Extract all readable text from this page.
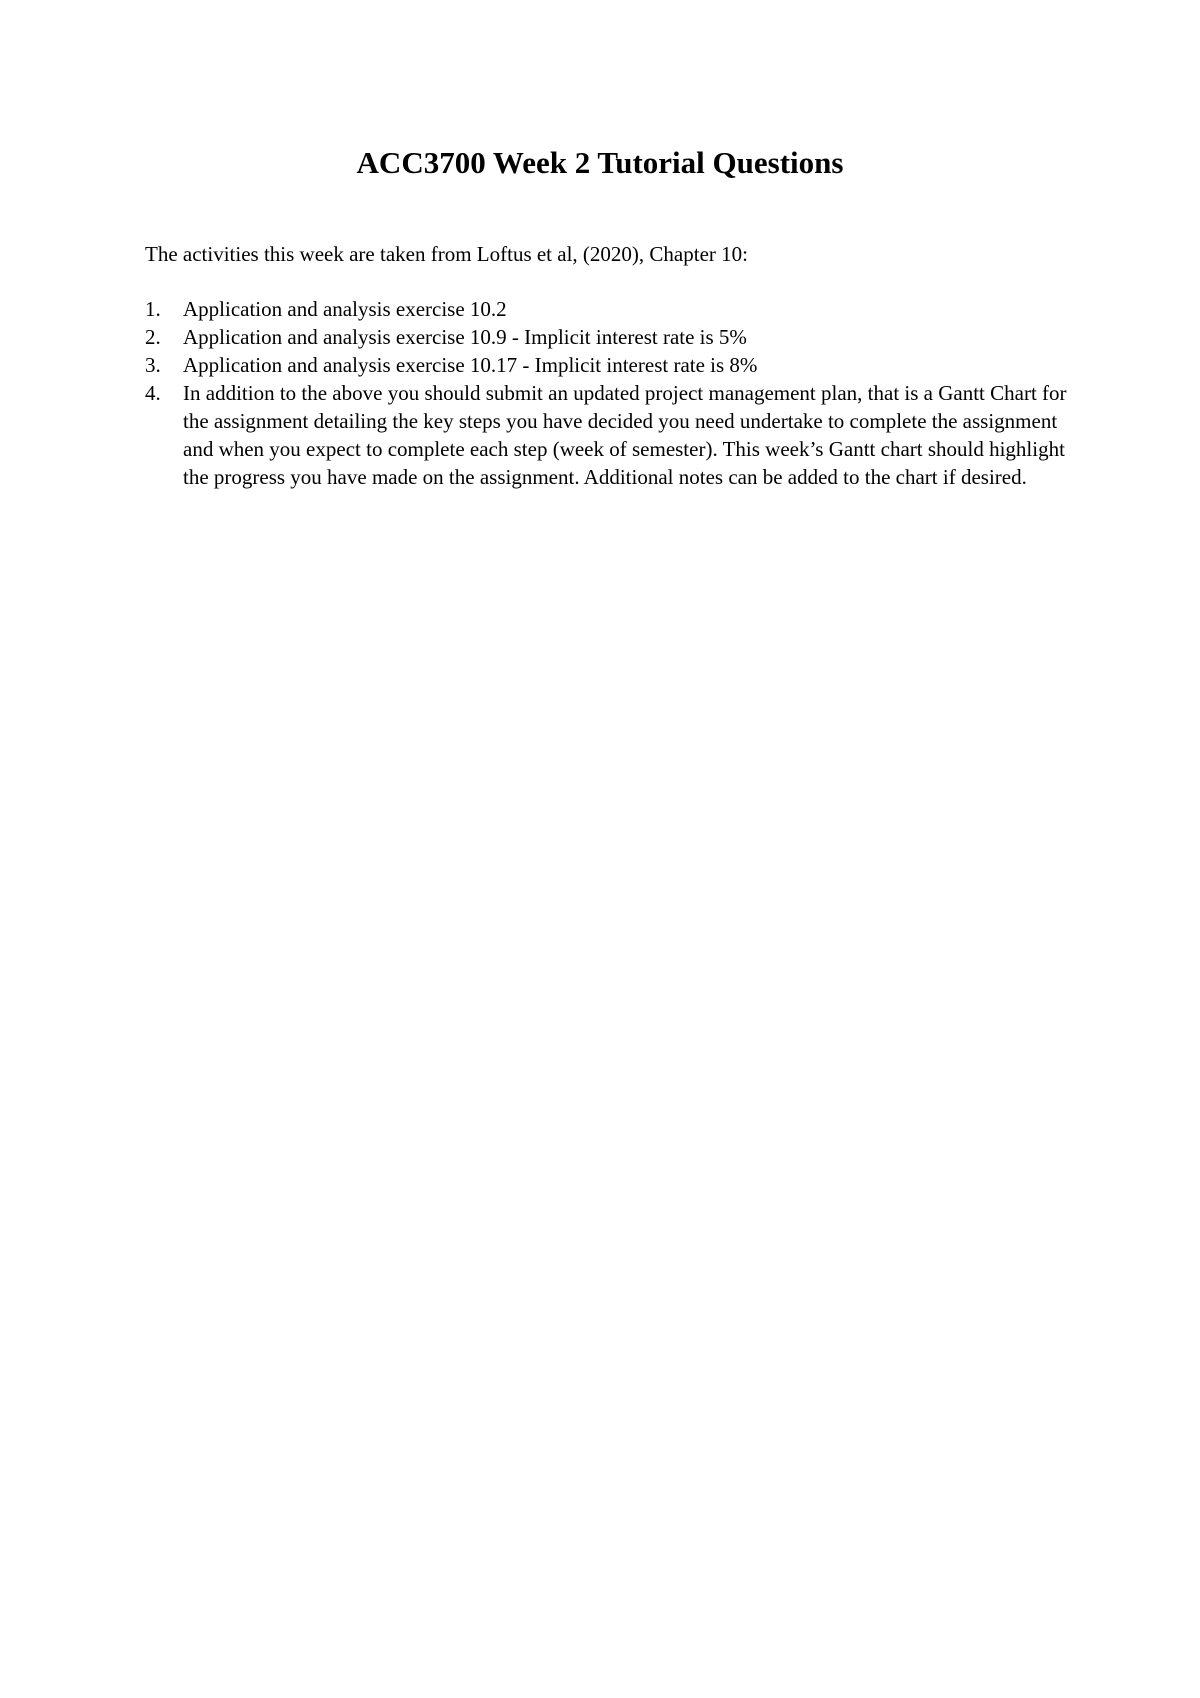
ACC3700 Week 2 Tutorial Questions

The activities this week are taken from Loftus et al, (2020), Chapter 10:

1. Application and analysis exercise 10.2
2. Application and analysis exercise 10.9 - Implicit interest rate is 5%
3. Application and analysis exercise 10.17 - Implicit interest rate is 8%
4. In addition to the above you should submit an updated project management plan, that is a Gantt Chart for the assignment detailing the key steps you have decided you need undertake to complete the assignment and when you expect to complete each step (week of semester). This week’s Gantt chart should highlight the progress you have made on the assignment. Additional notes can be added to the chart if desired.
